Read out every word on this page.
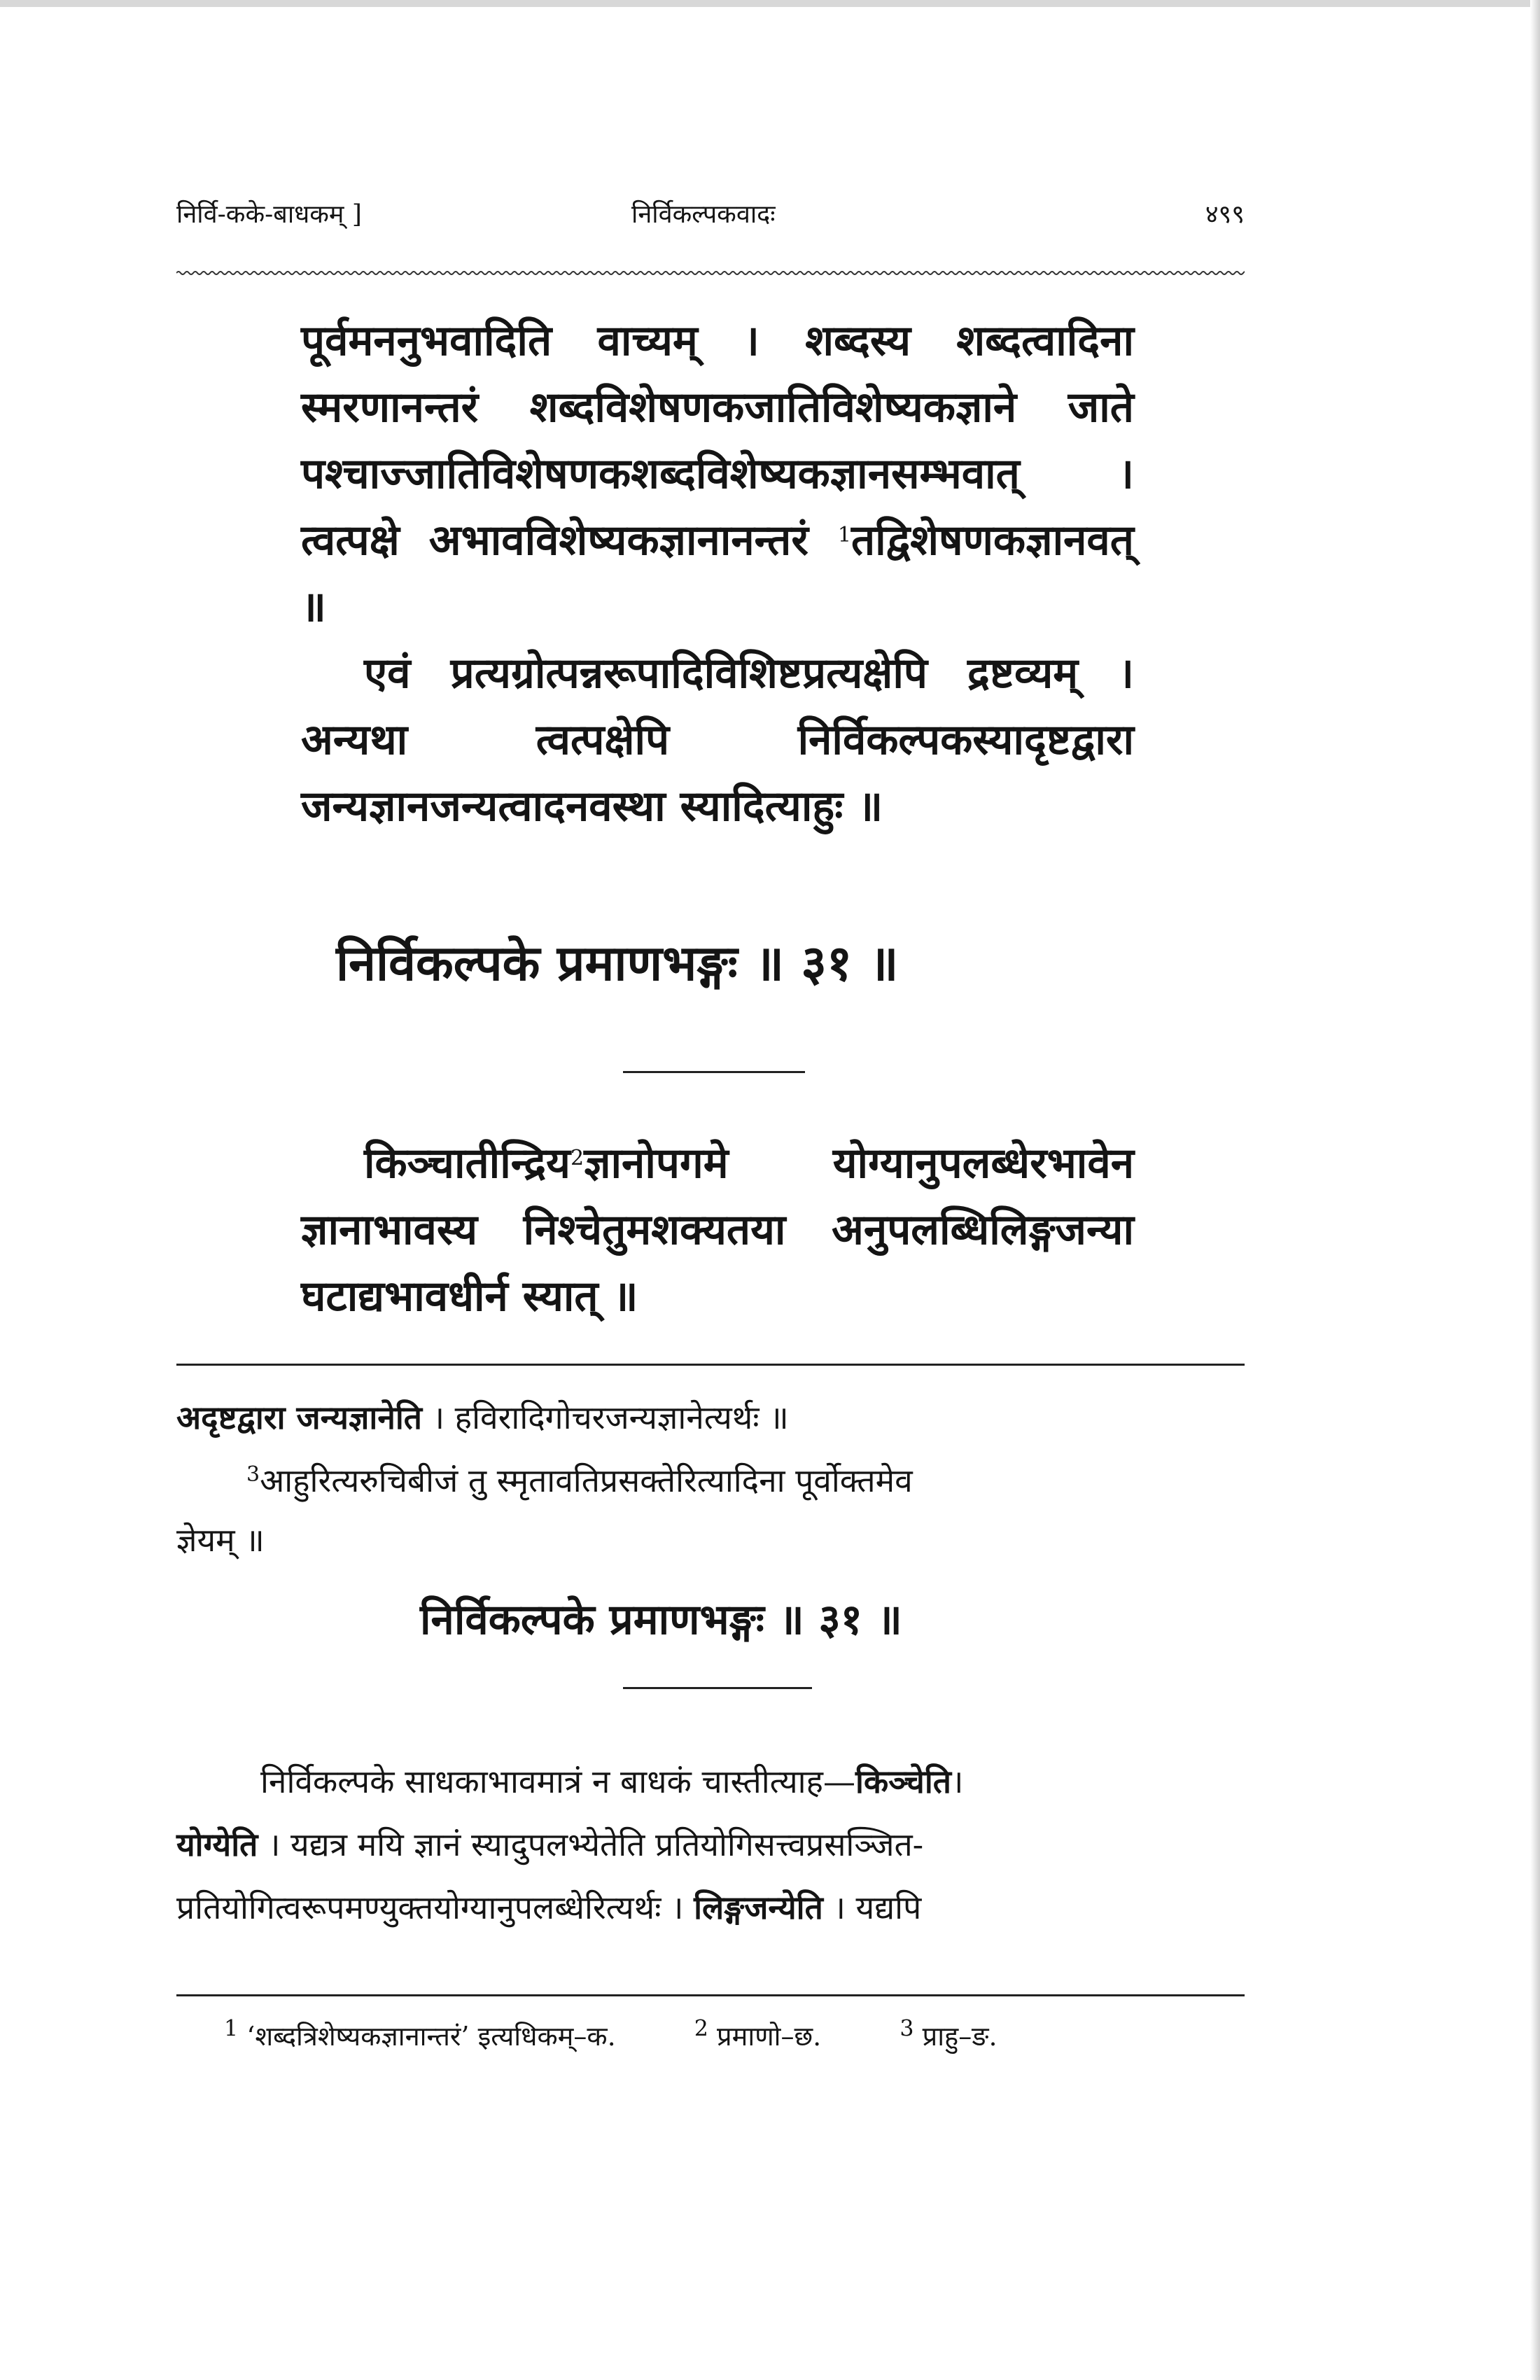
निर्वि-कके-बाधकम् ]	निर्विकल्पकवादः	४९९

पूर्वमननुभवादिति वाच्यम् । शब्दस्य शब्दत्वादिना स्मरणानन्तरं शब्दविशेषणकजातिविशेष्यकज्ञाने जाते पश्चाज्जातिविशेषणकशब्दविशेष्यकज्ञानसम्भवात् । त्वत्पक्षे अभावविशेष्यकज्ञानानन्तरं $^1$तद्विशेषणकज्ञानवत् ॥

एवं प्रत्यग्रोत्पन्नरूपादिविशिष्टप्रत्यक्षेपि द्रष्टव्यम् । अन्यथा त्वत्पक्षेपि निर्विकल्पकस्यादृष्टद्वारा जन्यज्ञानजन्यत्वादनवस्था स्यादित्याहुः ॥

निर्विकल्पके प्रमाणभङ्गः ॥ ३१ ॥

किञ्चातीन्द्रिय$^2$ज्ञानोपगमे योग्यानुपलब्धेरभावेन ज्ञानाभावस्य निश्चेतुमशक्यतया अनुपलब्धिलिङ्गजन्या घटाद्यभावधीर्न स्यात् ॥

अदृष्टद्वारा जन्यज्ञानेति । हविरादिगोचरजन्यज्ञानेत्यर्थः ॥
$^3$आहुरित्यरुचिबीजं तु स्मृतावतिप्रसक्तेरित्यादिना पूर्वोक्तमेव
ज्ञेयम् ॥
निर्विकल्पके प्रमाणभङ्गः ॥ ३१ ॥
निर्विकल्पके साधकाभावमात्रं न बाधकं चास्तीत्याह—किञ्चेति।
योग्येति । यद्यत्र मयि ज्ञानं स्यादुपलभ्येतेति प्रतियोगिसत्त्वप्रसञ्जित-
प्रतियोगित्वरूपमण्युक्तयोग्यानुपलब्धेरित्यर्थः । लिङ्गजन्येति । यद्यपि
$^1$ ‘शब्दत्रिशेष्यकज्ञानान्तरं’ इत्यधिकम्–क.	$^2$ प्रमाणो–छ.	$^3$ प्राहु–ङ.
